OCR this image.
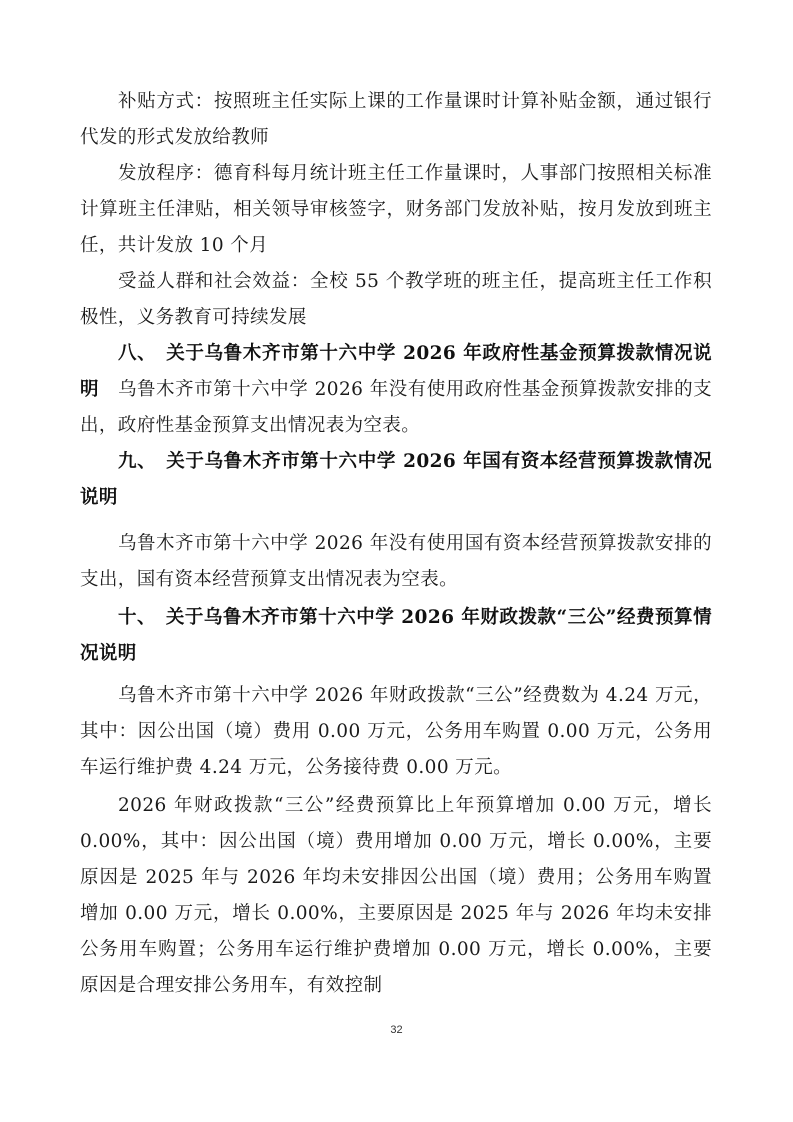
补贴方式：按照班主任实际上课的工作量课时计算补贴金额，通过银行代发的形式发放给教师

发放程序：德育科每月统计班主任工作量课时，人事部门按照相关标准计算班主任津贴，相关领导审核签字，财务部门发放补贴，按月发放到班主任，共计发放 10 个月

受益人群和社会效益：全校 55 个教学班的班主任，提高班主任工作积极性，义务教育可持续发展

八、　关于乌鲁木齐市第十六中学 2026 年政府性基金预算拨款情况说明	乌鲁木齐市第十六中学 2026 年没有使用政府性基金预算拨款安排的支出，政府性基金预算支出情况表为空表。

九、　关于乌鲁木齐市第十六中学 2026 年国有资本经营预算拨款情况说明

乌鲁木齐市第十六中学 2026 年没有使用国有资本经营预算拨款安排的支出，国有资本经营预算支出情况表为空表。

十、　关于乌鲁木齐市第十六中学 2026 年财政拨款“三公”经费预算情况说明

乌鲁木齐市第十六中学 2026 年财政拨款“三公”经费数为 4.24 万元，其中：因公出国（境）费用 0.00 万元，公务用车购置 0.00 万元，公务用车运行维护费 4.24 万元，公务接待费 0.00 万元。

2026 年财政拨款“三公”经费预算比上年预算增加 0.00 万元，增长 0.00%，其中：因公出国（境）费用增加 0.00 万元，增长 0.00%，主要原因是 2025 年与 2026 年均未安排因公出国（境）费用；公务用车购置增加 0.00 万元，增长 0.00%，主要原因是 2025 年与 2026 年均未安排公务用车购置；公务用车运行维护费增加 0.00 万元，增长 0.00%，主要原因是合理安排公务用车，有效控制

32
